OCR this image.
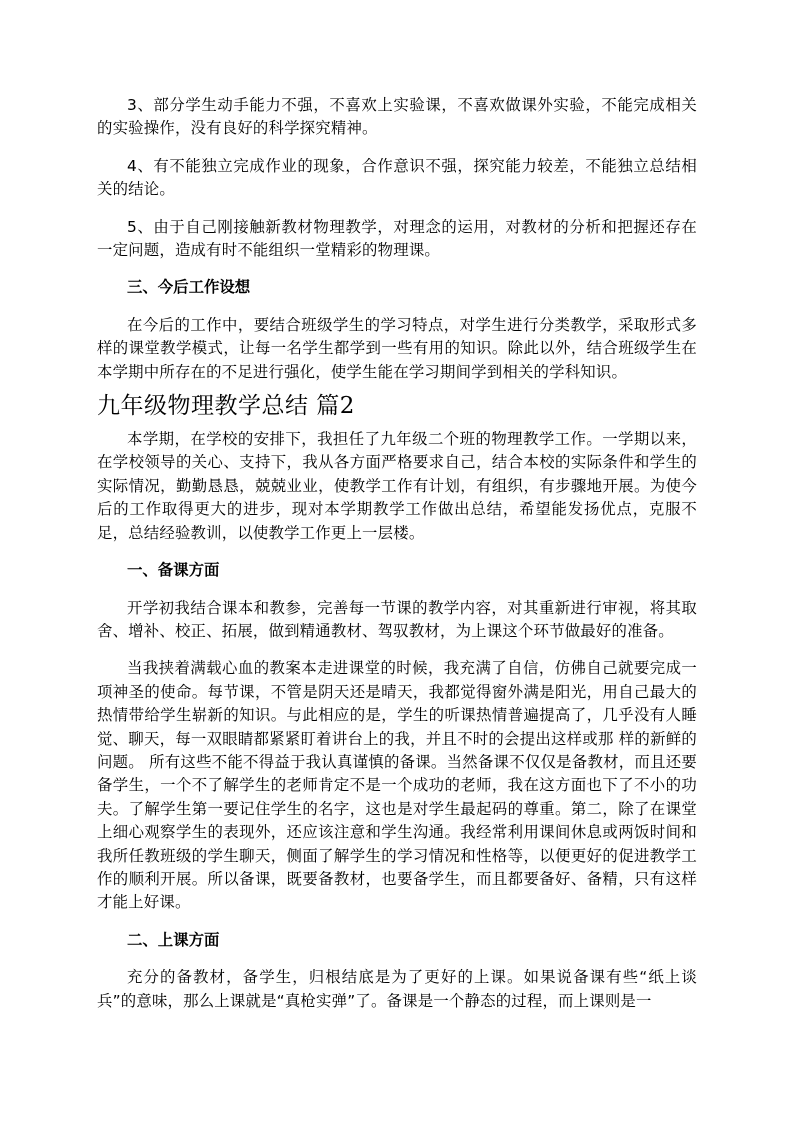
3、部分学生动手能力不强，不喜欢上实验课，不喜欢做课外实验，不能完成相关的实验操作，没有良好的科学探究精神。

4、有不能独立完成作业的现象，合作意识不强，探究能力较差，不能独立总结相关的结论。

5、由于自己刚接触新教材物理教学，对理念的运用，对教材的分析和把握还存在一定问题，造成有时不能组织一堂精彩的物理课。

三、今后工作设想

在今后的工作中，要结合班级学生的学习特点，对学生进行分类教学，采取形式多样的课堂教学模式，让每一名学生都学到一些有用的知识。除此以外，结合班级学生在本学期中所存在的不足进行强化，使学生能在学习期间学到相关的学科知识。

九年级物理教学总结 篇2

本学期，在学校的安排下，我担任了九年级二个班的物理教学工作。一学期以来，在学校领导的关心、支持下，我从各方面严格要求自己，结合本校的实际条件和学生的实际情况，勤勤恳恳，兢兢业业，使教学工作有计划，有组织，有步骤地开展。为使今后的工作取得更大的进步，现对本学期教学工作做出总结，希望能发扬优点，克服不足，总结经验教训，以使教学工作更上一层楼。

一、备课方面

开学初我结合课本和教参，完善每一节课的教学内容，对其重新进行审视，将其取舍、增补、校正、拓展，做到精通教材、驾驭教材，为上课这个环节做最好的准备。

当我挟着满载心血的教案本走进课堂的时候，我充满了自信，仿佛自己就要完成一项神圣的使命。每节课，不管是阴天还是晴天，我都觉得窗外满是阳光，用自己最大的热情带给学生崭新的知识。与此相应的是，学生的听课热情普遍提高了，几乎没有人睡觉、聊天，每一双眼睛都紧紧盯着讲台上的我，并且不时的会提出这样或那 样的新鲜的问题。 所有这些不能不得益于我认真谨慎的备课。当然备课不仅仅是备教材，而且还要备学生，一个不了解学生的老师肯定不是一个成功的老师，我在这方面也下了不小的功夫。了解学生第一要记住学生的名字，这也是对学生最起码的尊重。第二，除了在课堂上细心观察学生的表现外，还应该注意和学生沟通。我经常利用课间休息或两饭时间和我所任教班级的学生聊天，侧面了解学生的学习情况和性格等，以便更好的促进教学工作的顺利开展。所以备课，既要备教材，也要备学生，而且都要备好、备精，只有这样才能上好课。

二、上课方面

充分的备教材，备学生，归根结底是为了更好的上课。如果说备课有些“纸上谈兵”的意味，那么上课就是“真枪实弹”了。备课是一个静态的过程，而上课则是一
